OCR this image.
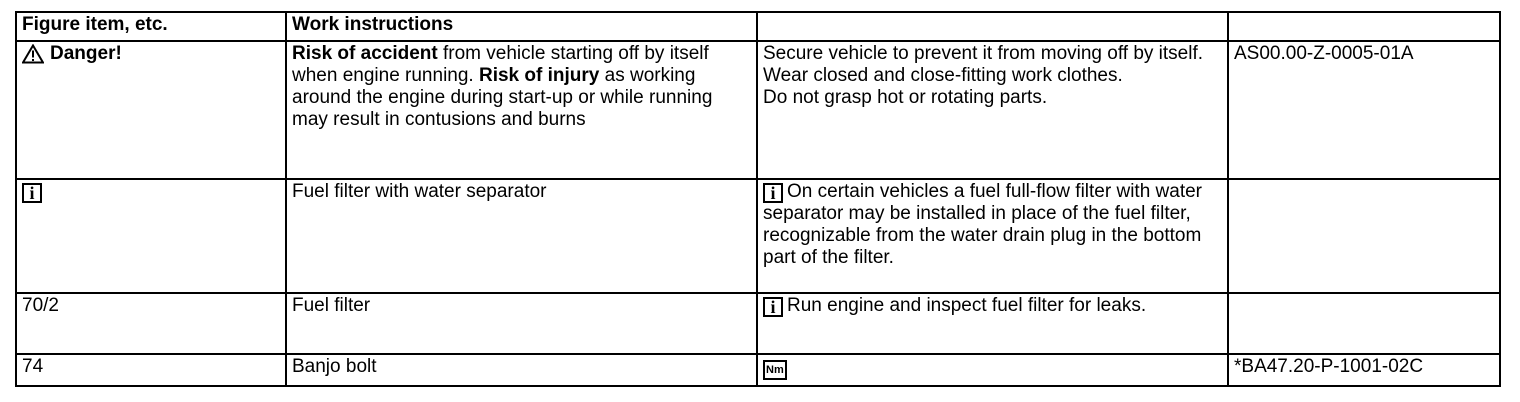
Figure item, etc.	Work instructions		

Danger!	Risk of accident from vehicle starting off by itself when engine running. Risk of injury as working around the engine during start-up or while running may result in contusions and burns	Secure vehicle to prevent it from moving off by itself.
Wear closed and close-fitting work clothes.
Do not grasp hot or rotating parts.	AS00.00-Z-0005-01A
i	Fuel filter with water separator	i On certain vehicles a fuel full-flow filter with water separator may be installed in place of the fuel filter, recognizable from the water drain plug in the bottom part of the filter.	
70/2	Fuel filter	i Run engine and inspect fuel filter for leaks.	
74	Banjo bolt	Nm	*BA47.20-P-1001-02C
